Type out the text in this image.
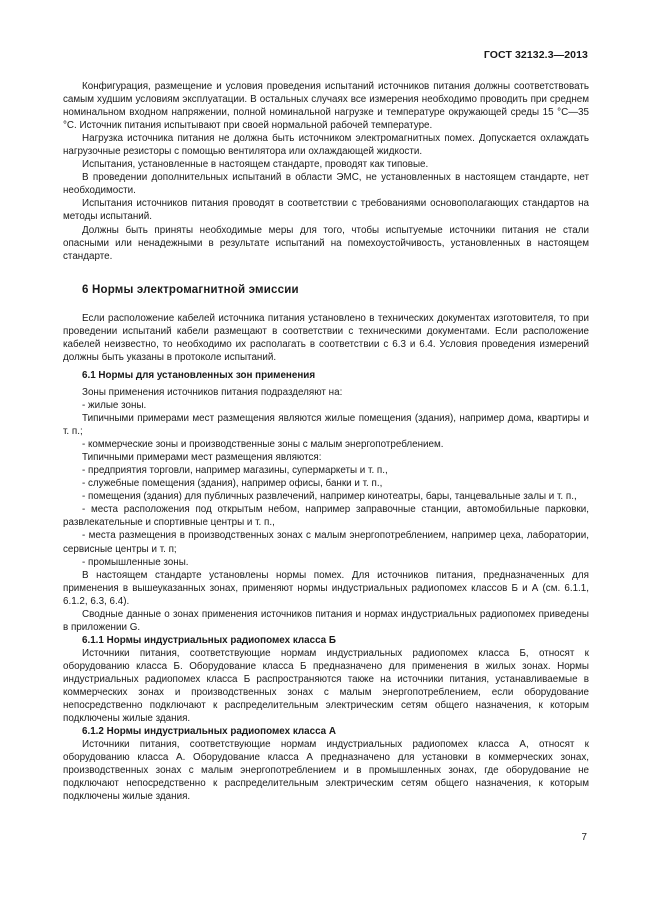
ГОСТ 32132.3—2013

Конфигурация, размещение и условия проведения испытаний источников питания должны соответствовать самым худшим условиям эксплуатации. В остальных случаях все измерения необходимо проводить при среднем номинальном входном напряжении, полной номинальной нагрузке и температуре окружающей среды 15 °С—35 °С. Источник питания испытывают при своей нормальной рабочей температуре.

Нагрузка источника питания не должна быть источником электромагнитных помех. Допускается охлаждать нагрузочные резисторы с помощью вентилятора или охлаждающей жидкости.

Испытания, установленные в настоящем стандарте, проводят как типовые.

В проведении дополнительных испытаний в области ЭМС, не установленных в настоящем стандарте, нет необходимости.

Испытания источников питания проводят в соответствии с требованиями основополагающих стандартов на методы испытаний.

Должны быть приняты необходимые меры для того, чтобы испытуемые источники питания не стали опасными или ненадежными в результате испытаний на помехоустойчивость, установленных в настоящем стандарте.

6 Нормы электромагнитной эмиссии

Если расположение кабелей источника питания установлено в технических документах изготовителя, то при проведении испытаний кабели размещают в соответствии с техническими документами. Если расположение кабелей неизвестно, то необходимо их располагать в соответствии с 6.3 и 6.4. Условия проведения измерений должны быть указаны в протоколе испытаний.

6.1 Нормы для установленных зон применения

Зоны применения источников питания подразделяют на:

- жилые зоны.

Типичными примерами мест размещения являются жилые помещения (здания), например дома, квартиры и т. п.;

- коммерческие зоны и производственные зоны с малым энергопотреблением.

Типичными примерами мест размещения являются:

- предприятия торговли, например магазины, супермаркеты и т. п.,

- служебные помещения (здания), например офисы, банки и т. п.,

- помещения (здания) для публичных развлечений, например кинотеатры, бары, танцевальные залы и т. п.,

- места расположения под открытым небом, например заправочные станции, автомобильные парковки, развлекательные и спортивные центры и т. п.,

- места размещения в производственных зонах с малым энергопотреблением, например цеха, лаборатории, сервисные центры и т. п;

- промышленные зоны.

В настоящем стандарте установлены нормы помех. Для источников питания, предназначенных для применения в вышеуказанных зонах, применяют нормы индустриальных радиопомех классов Б и А (см. 6.1.1, 6.1.2, 6.3, 6.4).

Сводные данные о зонах применения источников питания и нормах индустриальных радиопомех приведены в приложении G.

6.1.1 Нормы индустриальных радиопомех класса Б

Источники питания, соответствующие нормам индустриальных радиопомех класса Б, относят к оборудованию класса Б. Оборудование класса Б предназначено для применения в жилых зонах. Нормы индустриальных радиопомех класса Б распространяются также на источники питания, устанавливаемые в коммерческих зонах и производственных зонах с малым энергопотреблением, если оборудование непосредственно подключают к распределительным электрическим сетям общего назначения, к которым подключены жилые здания.

6.1.2 Нормы индустриальных радиопомех класса А

Источники питания, соответствующие нормам индустриальных радиопомех класса А, относят к оборудованию класса А. Оборудование класса А предназначено для установки в коммерческих зонах, производственных зонах с малым энергопотреблением и в промышленных зонах, где оборудование не подключают непосредственно к распределительным электрическим сетям общего назначения, к которым подключены жилые здания.

7
